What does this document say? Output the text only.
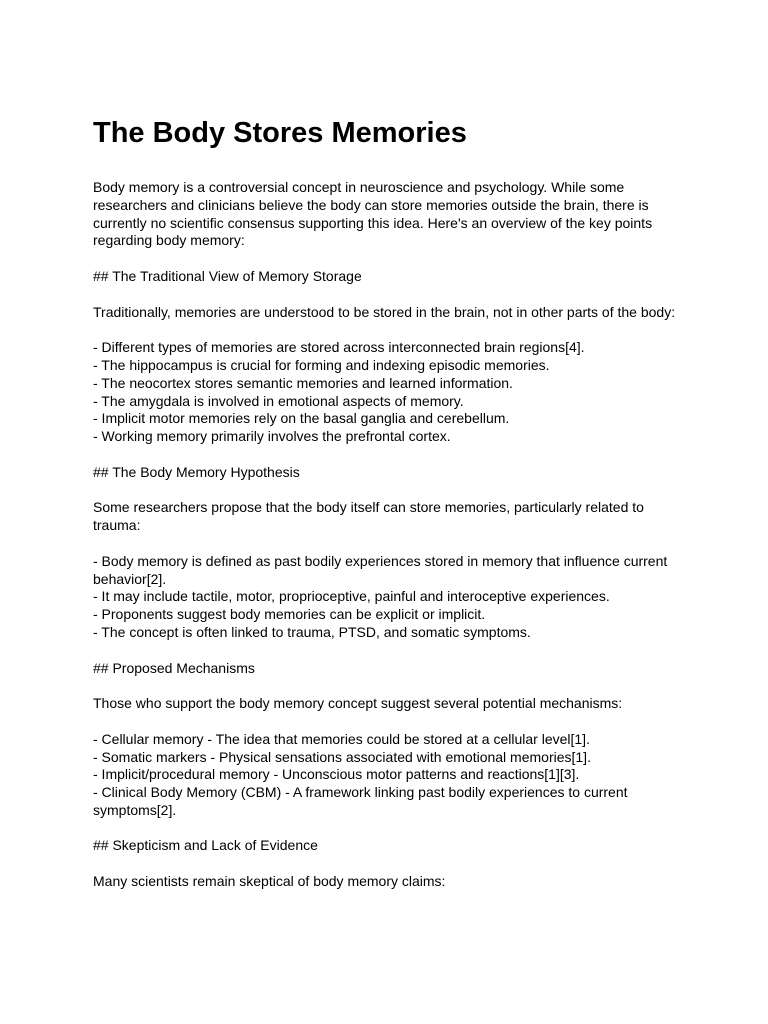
The Body Stores Memories

Body memory is a controversial concept in neuroscience and psychology. While some researchers and clinicians believe the body can store memories outside the brain, there is currently no scientific consensus supporting this idea. Here's an overview of the key points regarding body memory:

## The Traditional View of Memory Storage

Traditionally, memories are understood to be stored in the brain, not in other parts of the body:

- Different types of memories are stored across interconnected brain regions[4].
- The hippocampus is crucial for forming and indexing episodic memories.
- The neocortex stores semantic memories and learned information.
- The amygdala is involved in emotional aspects of memory.
- Implicit motor memories rely on the basal ganglia and cerebellum.
- Working memory primarily involves the prefrontal cortex.

## The Body Memory Hypothesis

Some researchers propose that the body itself can store memories, particularly related to trauma:

- Body memory is defined as past bodily experiences stored in memory that influence current behavior[2].
- It may include tactile, motor, proprioceptive, painful and interoceptive experiences.
- Proponents suggest body memories can be explicit or implicit.
- The concept is often linked to trauma, PTSD, and somatic symptoms.

## Proposed Mechanisms

Those who support the body memory concept suggest several potential mechanisms:

- Cellular memory - The idea that memories could be stored at a cellular level[1].
- Somatic markers - Physical sensations associated with emotional memories[1].
- Implicit/procedural memory - Unconscious motor patterns and reactions[1][3].
- Clinical Body Memory (CBM) - A framework linking past bodily experiences to current symptoms[2].

## Skepticism and Lack of Evidence

Many scientists remain skeptical of body memory claims:
